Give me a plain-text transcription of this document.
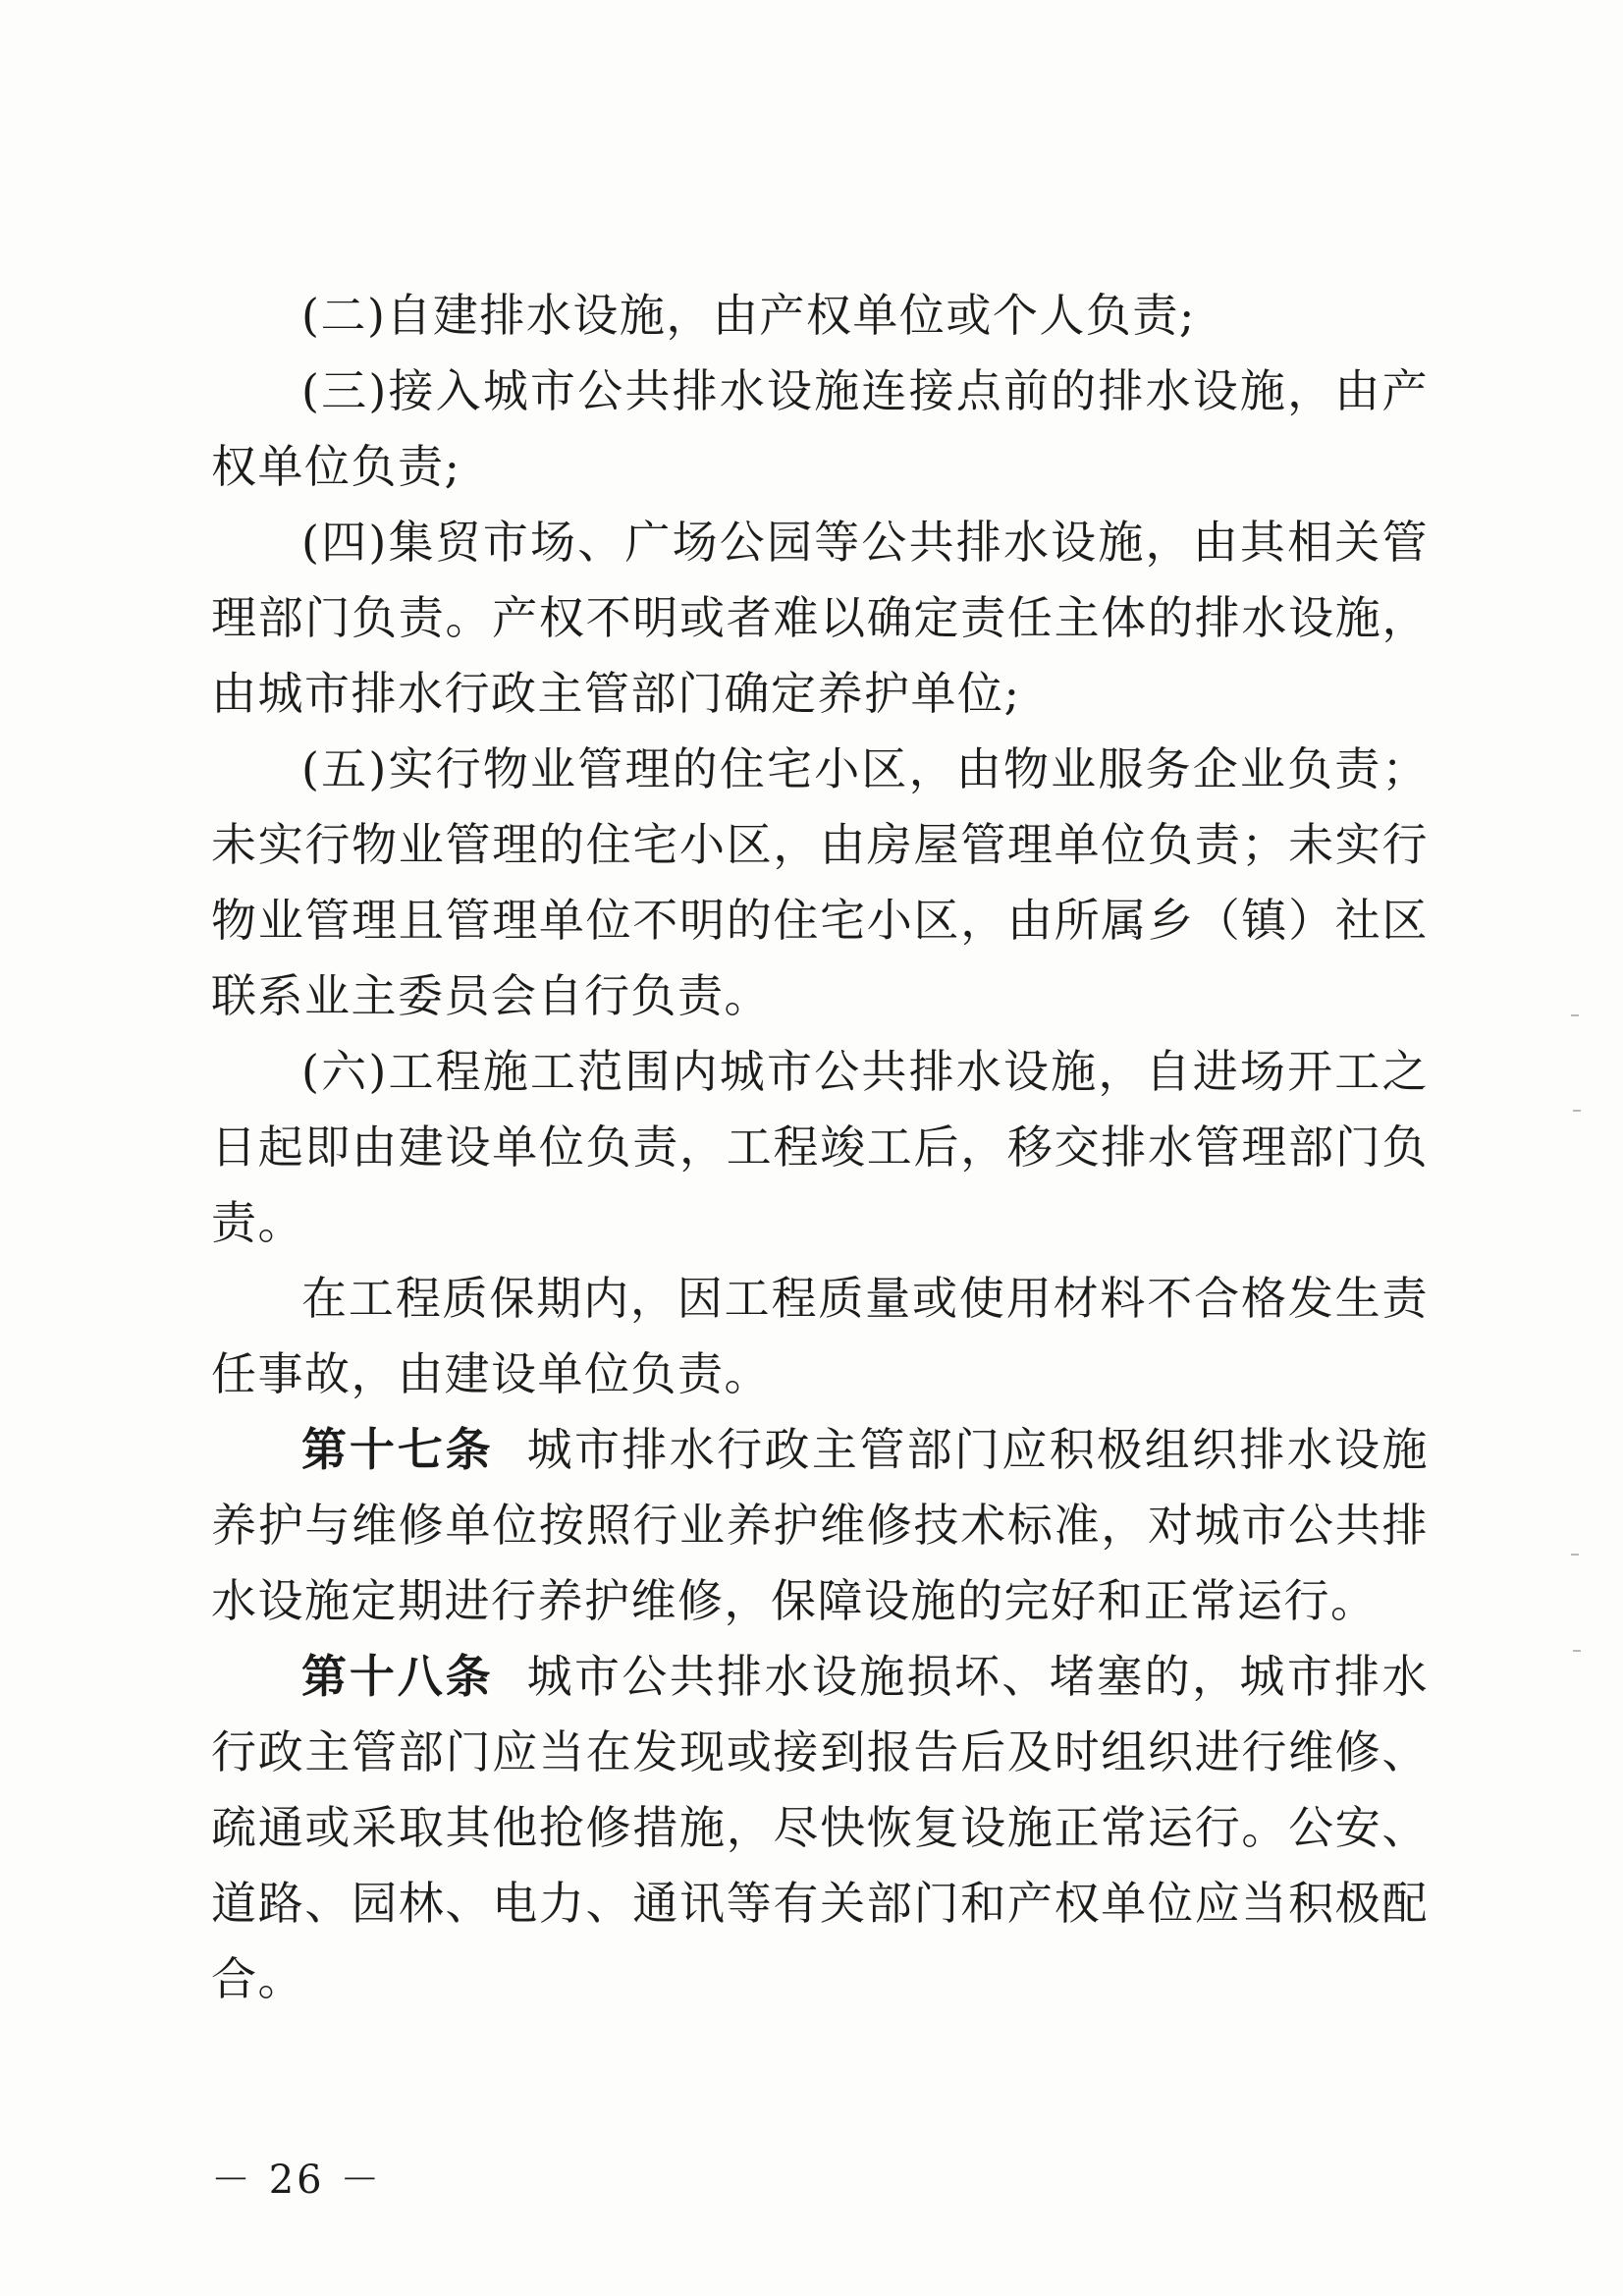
(二)自建排水设施，由产权单位或个人负责;

(三)接入城市公共排水设施连接点前的排水设施，由产权单位负责;

(四)集贸市场、广场公园等公共排水设施，由其相关管理部门负责。产权不明或者难以确定责任主体的排水设施，由城市排水行政主管部门确定养护单位;

(五)实行物业管理的住宅小区，由物业服务企业负责；未实行物业管理的住宅小区，由房屋管理单位负责；未实行物业管理且管理单位不明的住宅小区，由所属乡（镇）社区联系业主委员会自行负责。

(六)工程施工范围内城市公共排水设施，自进场开工之日起即由建设单位负责，工程竣工后，移交排水管理部门负责。

在工程质保期内，因工程质量或使用材料不合格发生责任事故，由建设单位负责。

第十七条 城市排水行政主管部门应积极组织排水设施养护与维修单位按照行业养护维修技术标准，对城市公共排水设施定期进行养护维修，保障设施的完好和正常运行。

第十八条 城市公共排水设施损坏、堵塞的，城市排水行政主管部门应当在发现或接到报告后及时组织进行维修、疏通或采取其他抢修措施，尽快恢复设施正常运行。公安、道路、园林、电力、通讯等有关部门和产权单位应当积极配合。

－ 26 －
